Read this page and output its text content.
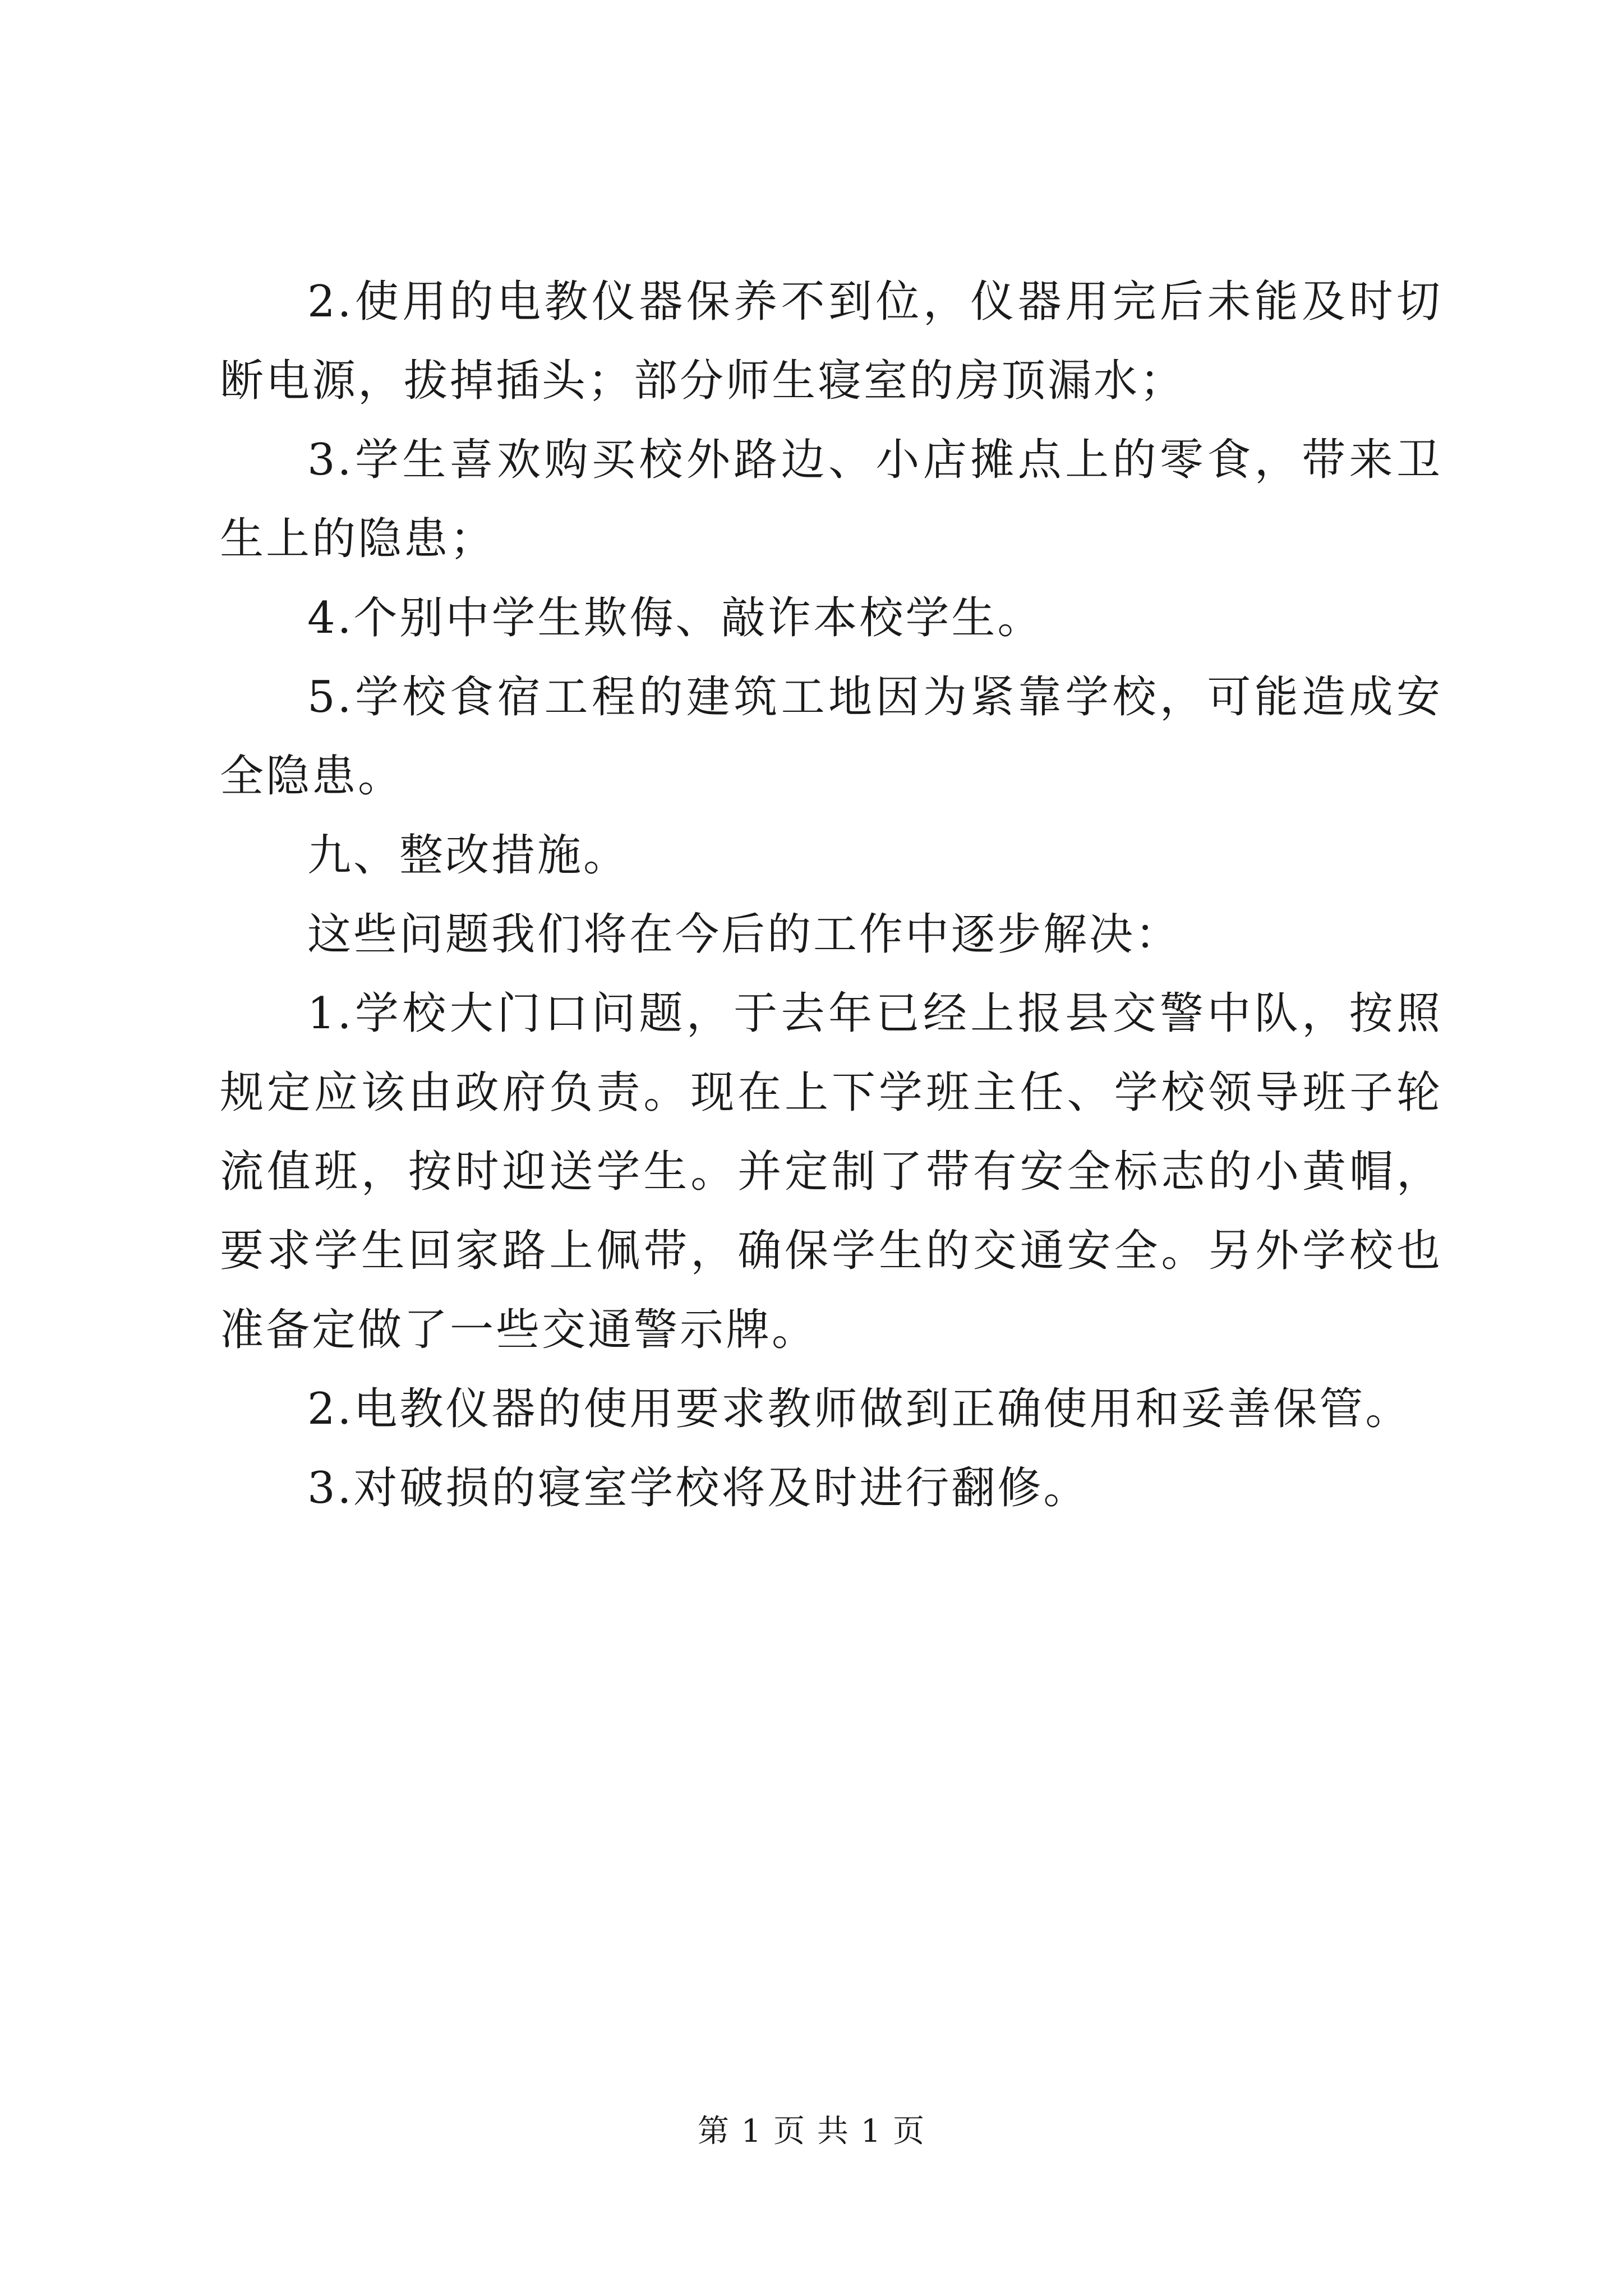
2.使用的电教仪器保养不到位，仪器用完后未能及时切断电源，拔掉插头；部分师生寝室的房顶漏水；

3.学生喜欢购买校外路边、小店摊点上的零食，带来卫生上的隐患；

4.个别中学生欺侮、敲诈本校学生。

5.学校食宿工程的建筑工地因为紧靠学校，可能造成安全隐患。

九、整改措施。

这些问题我们将在今后的工作中逐步解决：

1.学校大门口问题，于去年已经上报县交警中队，按照规定应该由政府负责。现在上下学班主任、学校领导班子轮流值班，按时迎送学生。并定制了带有安全标志的小黄帽，要求学生回家路上佩带，确保学生的交通安全。另外学校也准备定做了一些交通警示牌。

2.电教仪器的使用要求教师做到正确使用和妥善保管。

3.对破损的寝室学校将及时进行翻修。

第 1 页 共 1 页
